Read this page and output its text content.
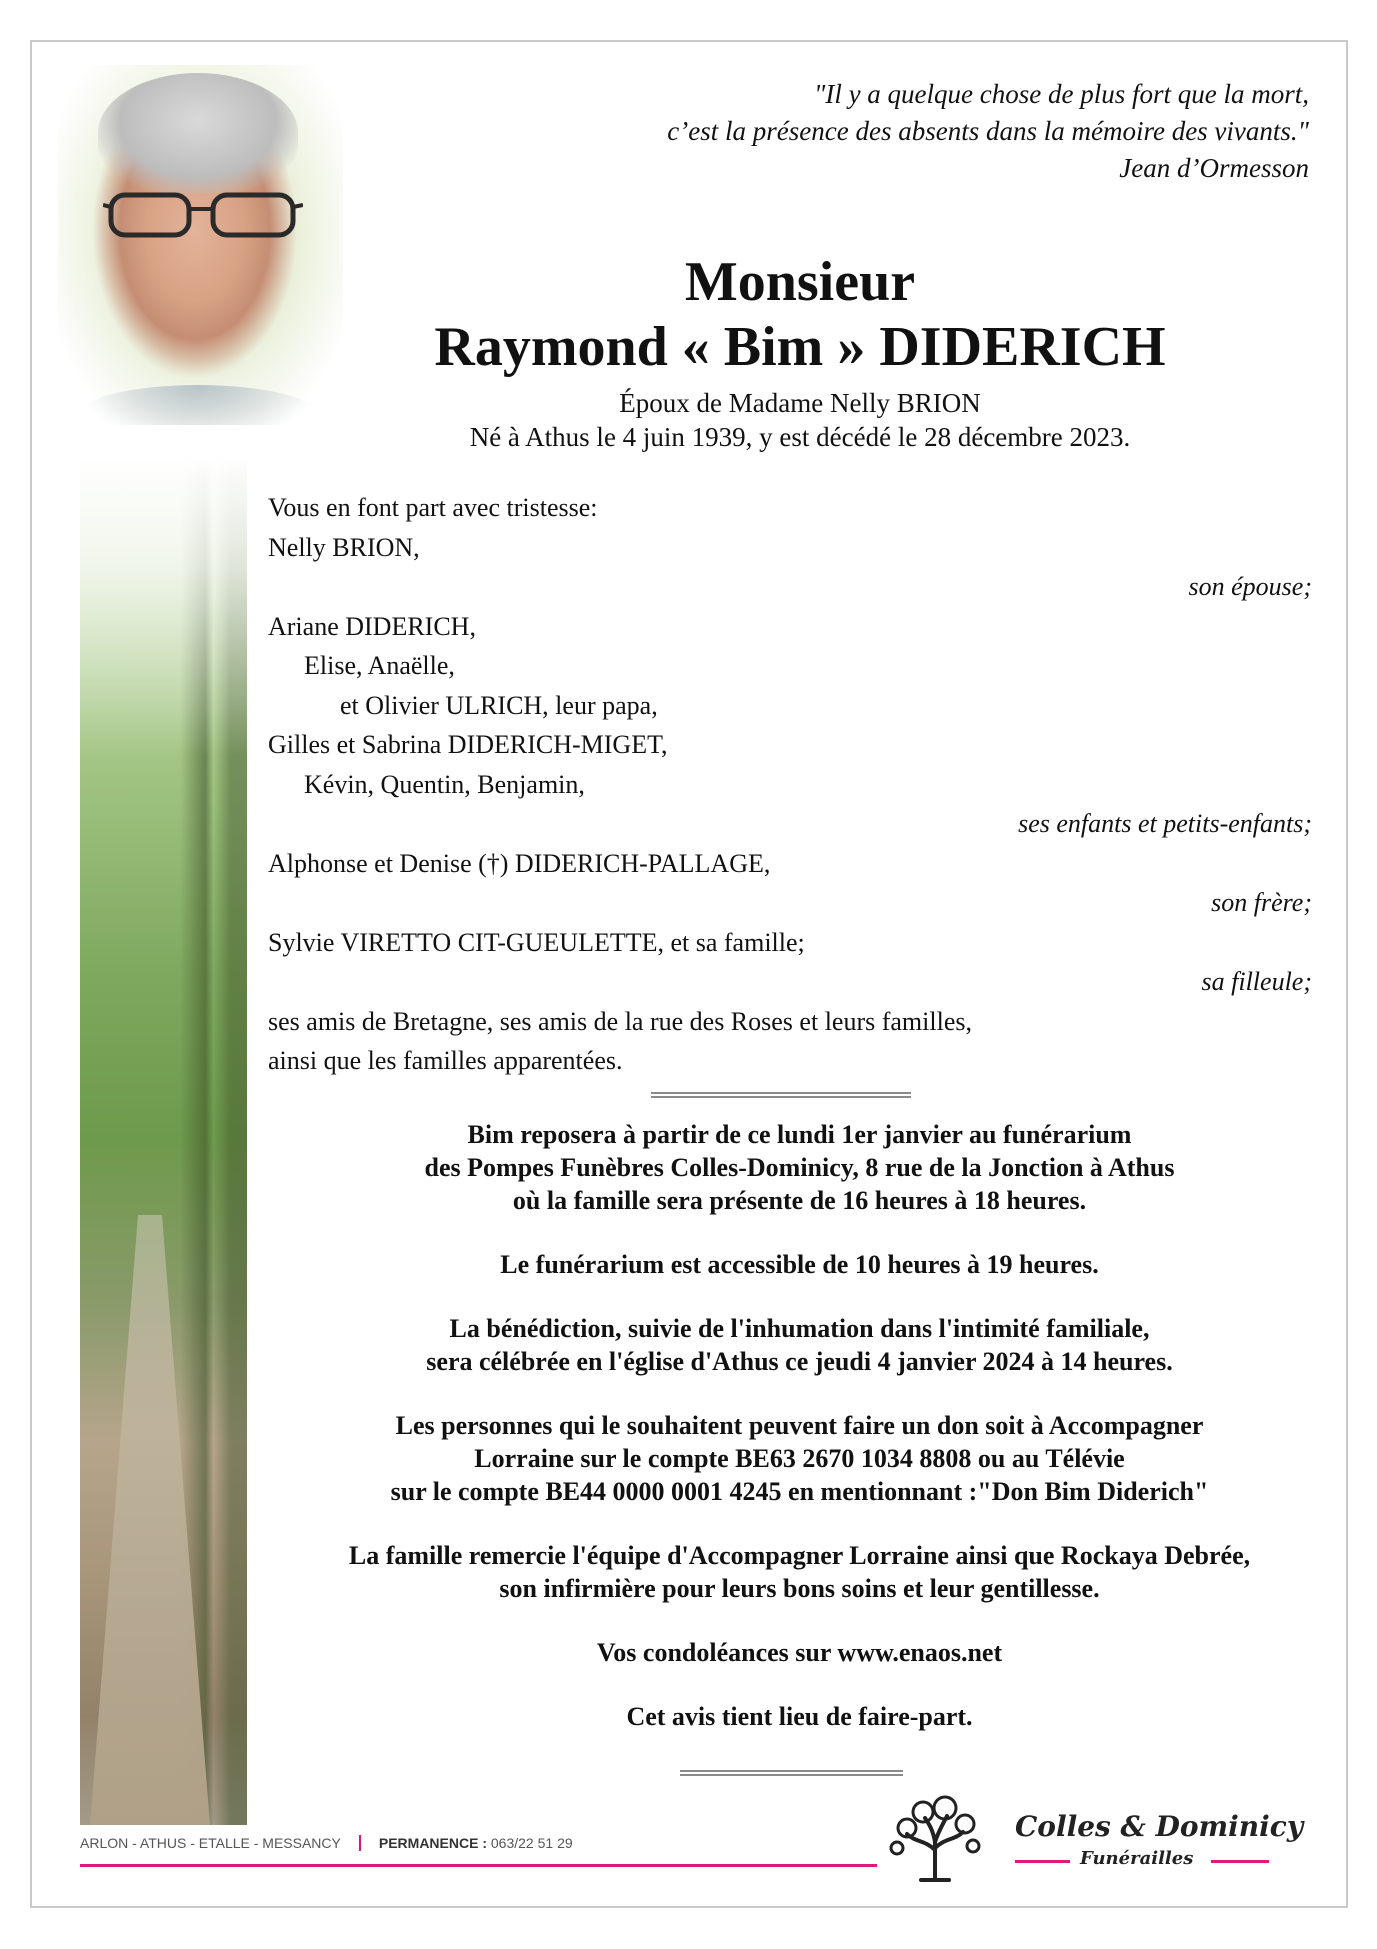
"Il y a quelque chose de plus fort que la mort,
c’est la présence des absents dans la mémoire des vivants."
Jean d’Ormesson
Monsieur
Raymond « Bim » DIDERICH
Époux de Madame Nelly BRION
Né à Athus le 4 juin 1939, y est décédé le 28 décembre 2023.
Vous en font part avec tristesse:
Nelly BRION,
son épouse;
Ariane DIDERICH,
Elise, Anaëlle,
et Olivier ULRICH, leur papa,
Gilles et Sabrina DIDERICH-MIGET,
Kévin, Quentin, Benjamin,
ses enfants et petits-enfants;
Alphonse et Denise (†) DIDERICH-PALLAGE,
son frère;
Sylvie VIRETTO CIT-GUEULETTE, et sa famille;
sa filleule;
ses amis de Bretagne, ses amis de la rue des Roses et leurs familles,
ainsi que les familles apparentées.
Bim reposera à partir de ce lundi 1er janvier au funérarium
des Pompes Funèbres Colles-Dominicy, 8 rue de la Jonction à Athus
où la famille sera présente de 16 heures à 18 heures.
Le funérarium est accessible de 10 heures à 19 heures.
La bénédiction, suivie de l'inhumation dans l'intimité familiale,
sera célébrée en l'église d'Athus ce jeudi 4 janvier 2024 à 14 heures.
Les personnes qui le souhaitent peuvent faire un don soit à Accompagner
Lorraine sur le compte BE63 2670 1034 8808 ou au Télévie
sur le compte BE44 0000 0001 4245 en mentionnant :"Don Bim Diderich"
La famille remercie l'équipe d'Accompagner Lorraine ainsi que Rockaya Debrée,
son infirmière pour leurs bons soins et leur gentillesse.
Vos condoléances sur www.enaos.net
Cet avis tient lieu de faire-part.
ARLON - ATHUS - ETALLE - MESSANCY	PERMANENCE : 063/22 51 29	Colles & Dominicy
Funérailles
